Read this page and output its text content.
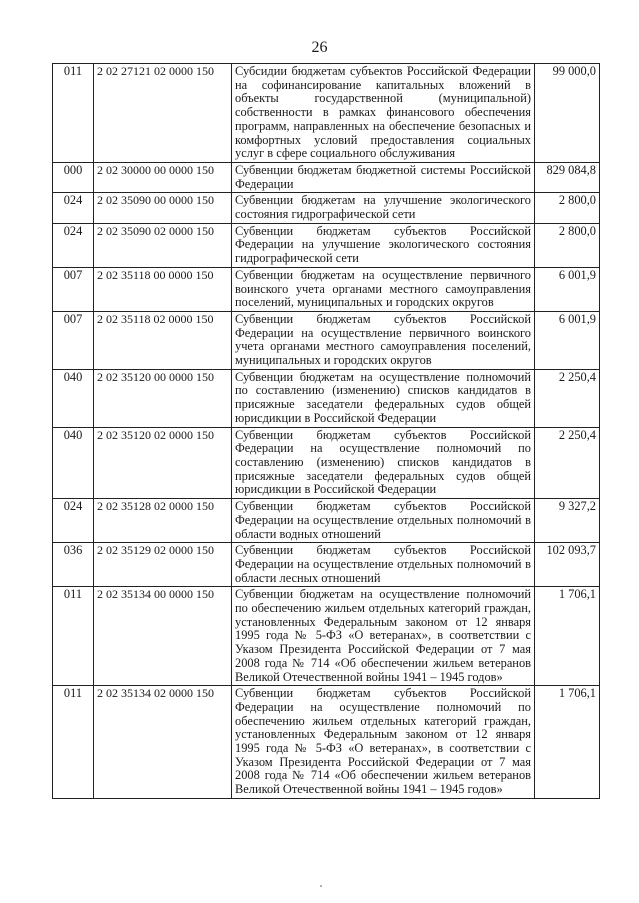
26
011	2 02 27121 02 0000 150	Субсидии бюджетам субъектов Российской Федерации на софинансирование капитальных вложений в объекты государственной (муниципальной) собственности в рамках финансового обеспечения программ, направленных на обеспечение безопасных и комфортных условий предоставления социальных услуг в сфере социального обслуживания	99 000,0
000	2 02 30000 00 0000 150	Субвенции бюджетам бюджетной системы Российской Федерации	829 084,8
024	2 02 35090 00 0000 150	Субвенции бюджетам на улучшение экологического состояния гидрографической сети	2 800,0
024	2 02 35090 02 0000 150	Субвенции бюджетам субъектов Российской Федерации на улучшение экологического состояния гидрографической сети	2 800,0
007	2 02 35118 00 0000 150	Субвенции бюджетам на осуществление первичного воинского учета органами местного самоуправления поселений, муниципальных и городских округов	6 001,9
007	2 02 35118 02 0000 150	Субвенции бюджетам субъектов Российской Федерации на осуществление первичного воинского учета органами местного самоуправления поселений, муниципальных и городских округов	6 001,9
040	2 02 35120 00 0000 150	Субвенции бюджетам на осуществление полномочий по составлению (изменению) списков кандидатов в присяжные заседатели федеральных судов общей юрисдикции в Российской Федерации	2 250,4
040	2 02 35120 02 0000 150	Субвенции бюджетам субъектов Российской Федерации на осуществление полномочий по составлению (изменению) списков кандидатов в присяжные заседатели федеральных судов общей юрисдикции в Российской Федерации	2 250,4
024	2 02 35128 02 0000 150	Субвенции бюджетам субъектов Российской Федерации на осуществление отдельных полномочий в области водных отношений	9 327,2
036	2 02 35129 02 0000 150	Субвенции бюджетам субъектов Российской Федерации на осуществление отдельных полномочий в области лесных отношений	102 093,7
011	2 02 35134 00 0000 150	Субвенции бюджетам на осуществление полномочий по обеспечению жильем отдельных категорий граждан, установленных Федеральным законом от 12 января 1995 года № 5-ФЗ «О ветеранах», в соответствии с Указом Президента Российской Федерации от 7 мая 2008 года № 714 «Об обеспечении жильем ветеранов Великой Отечественной войны 1941 – 1945 годов»	1 706,1
011	2 02 35134 02 0000 150	Субвенции бюджетам субъектов Российской Федерации на осуществление полномочий по обеспечению жильем отдельных категорий граждан, установленных Федеральным законом от 12 января 1995 года № 5-ФЗ «О ветеранах», в соответствии с Указом Президента Российской Федерации от 7 мая 2008 года № 714 «Об обеспечении жильем ветеранов Великой Отечественной войны 1941 – 1945 годов»	1 706,1
